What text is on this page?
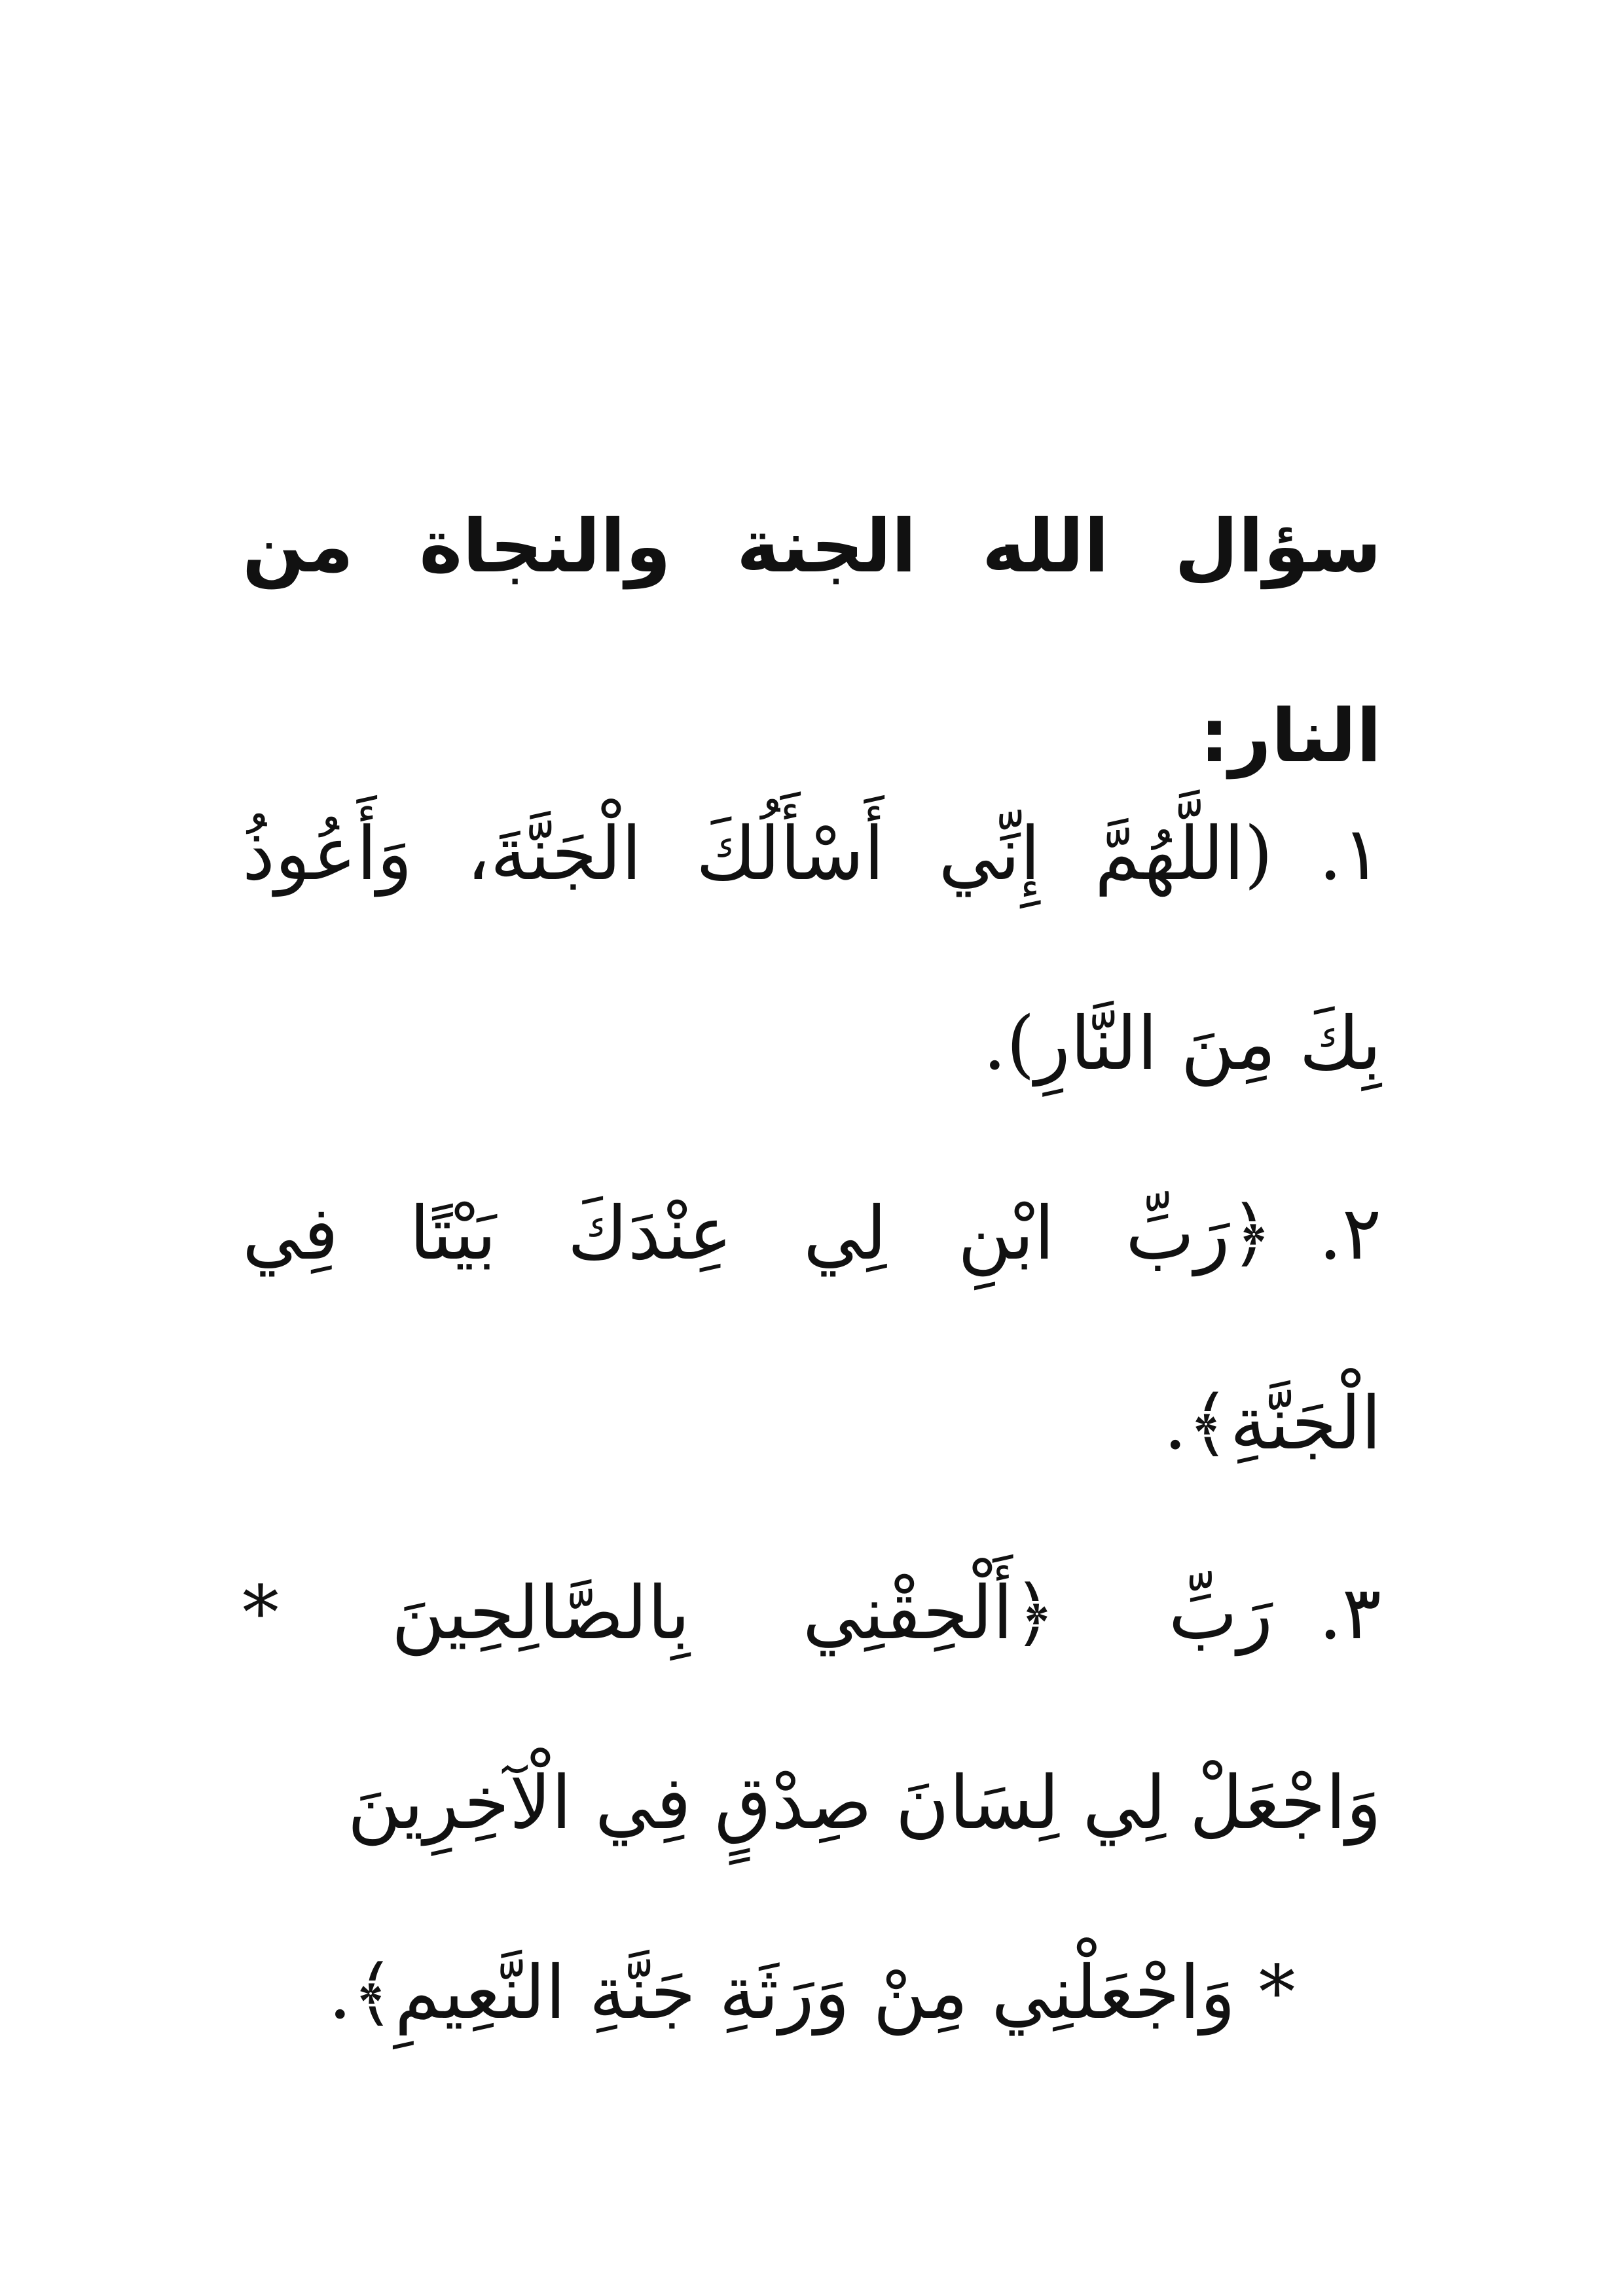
سؤال الله الجنة والنجاة من
النار:
١.(اللَّهُمَّ إِنِّي أَسْأَلُكَ الْجَنَّةَ، وَأَعُوذُ
بِكَ مِنَ النَّارِ).
٢.﴿رَبِّ ابْنِ لِي عِنْدَكَ بَيْتًا فِي
الْجَنَّةِ﴾.
٣.رَبِّ ﴿أَلْحِقْنِي بِالصَّالِحِينَ *
وَاجْعَلْ لِي لِسَانَ صِدْقٍ فِي الْآخِرِينَ
* وَاجْعَلْنِي مِنْ وَرَثَةِ جَنَّةِ النَّعِيمِ﴾.
